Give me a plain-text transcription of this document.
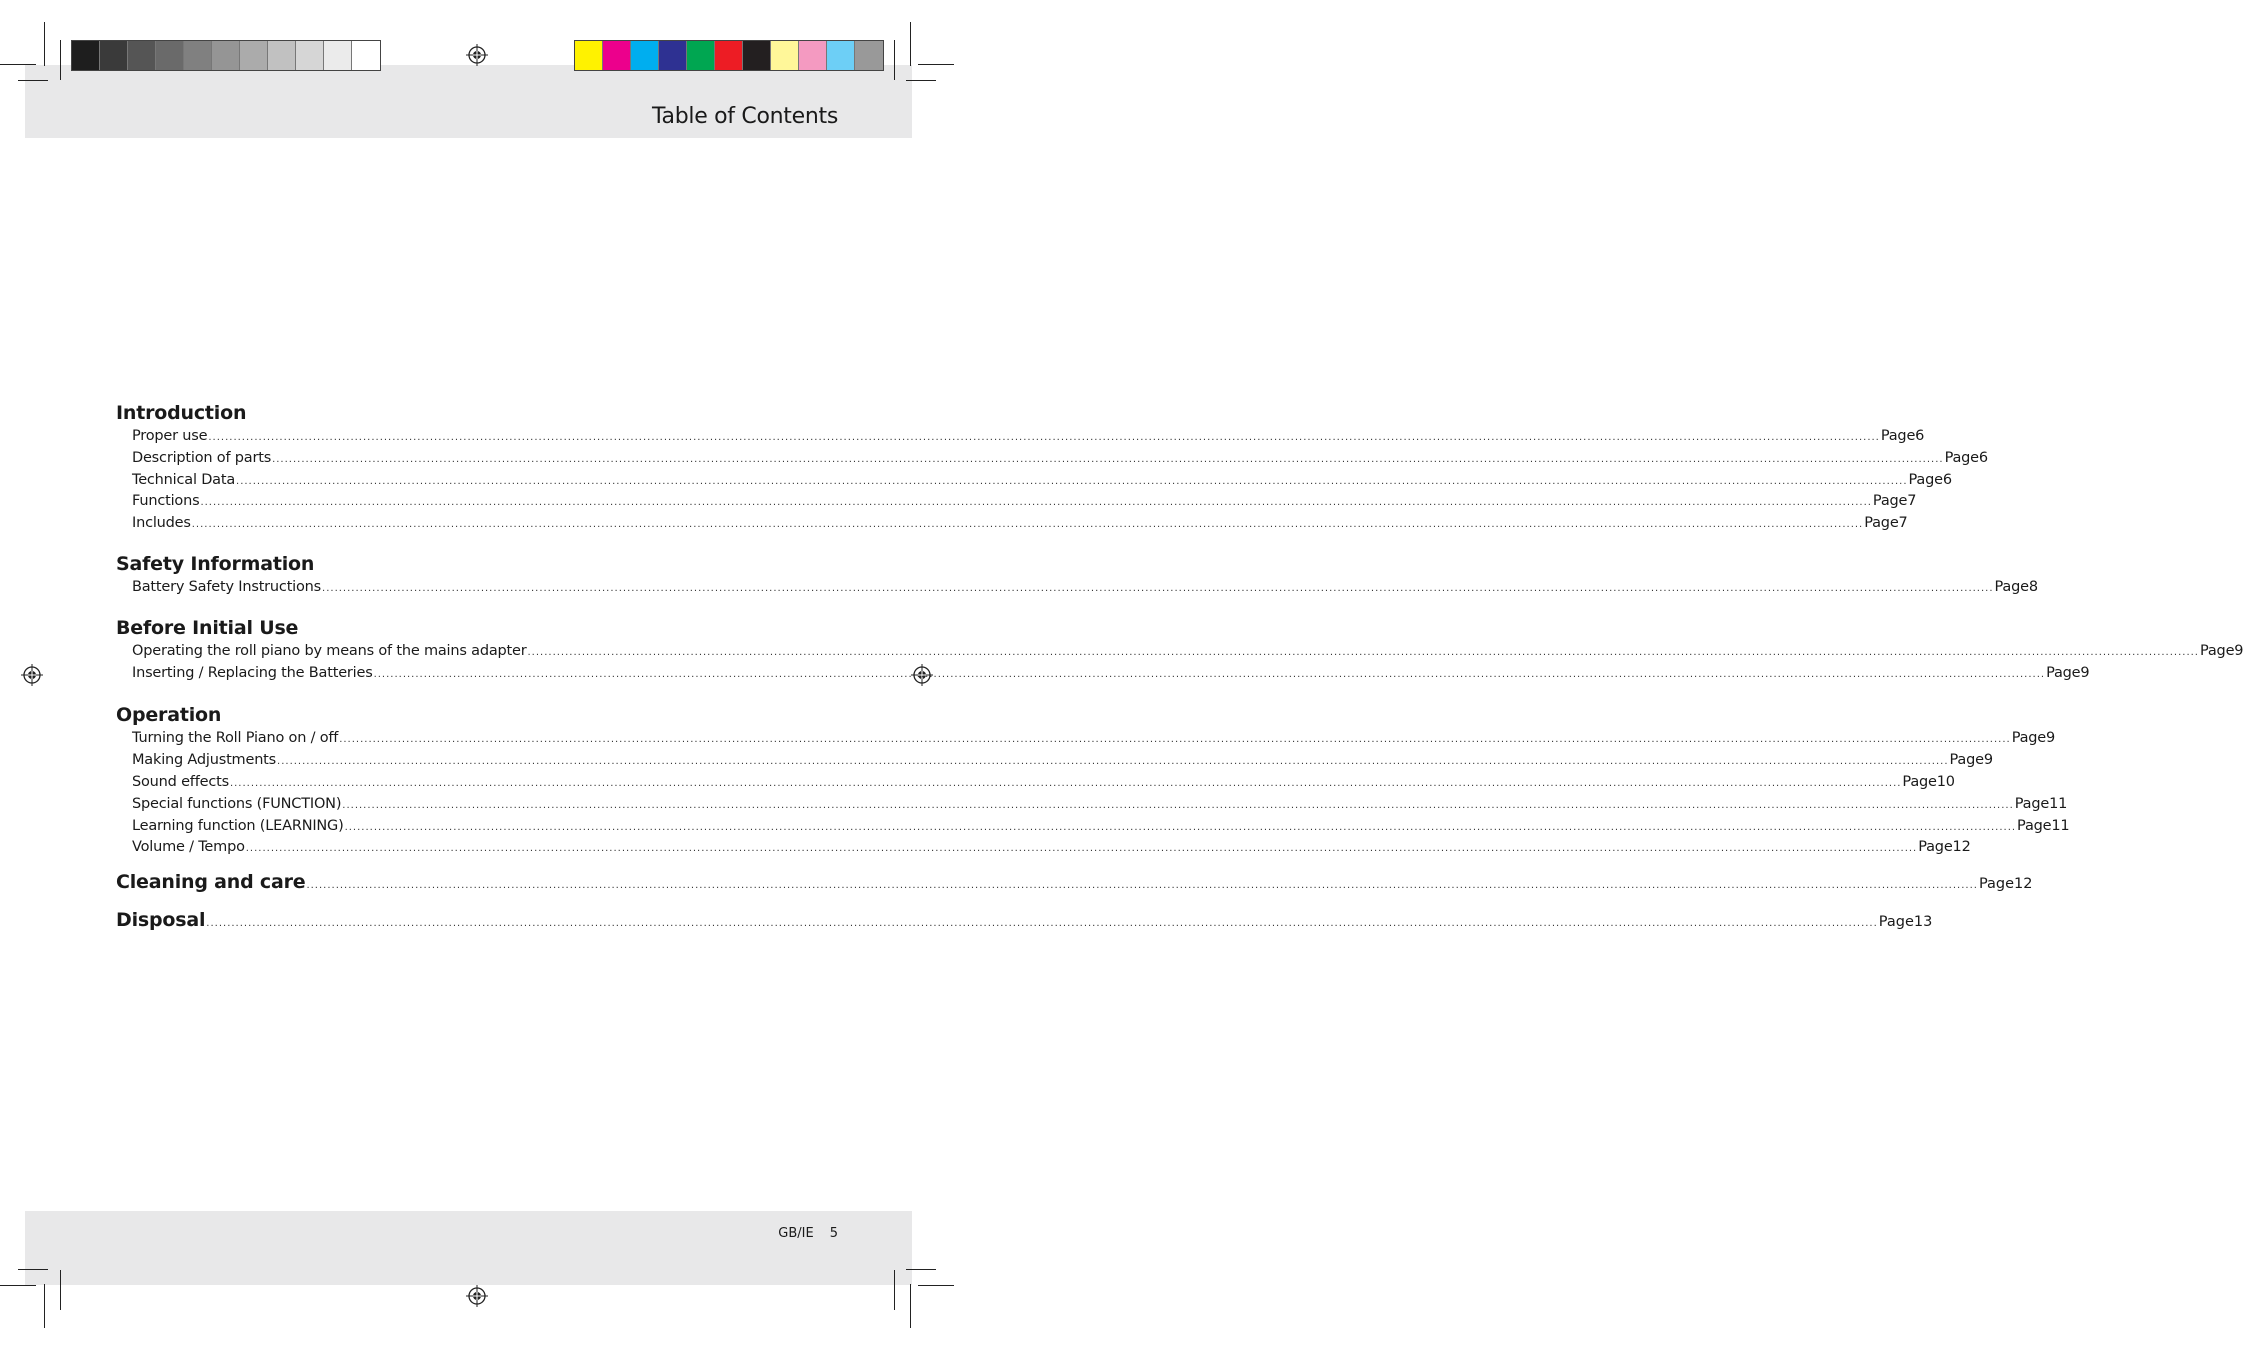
Table of Contents
Introduction
Proper use ................................................................................................................................................................................................................................................................................................................................................................................................................ Page 6
Description of parts ................................................................................................................................................................................................................................................................................................................................................................................................................ Page 6
Technical Data ................................................................................................................................................................................................................................................................................................................................................................................................................ Page 6
Functions ................................................................................................................................................................................................................................................................................................................................................................................................................ Page 7
Includes ................................................................................................................................................................................................................................................................................................................................................................................................................ Page 7
Safety Information
Battery Safety Instructions ................................................................................................................................................................................................................................................................................................................................................................................................................ Page 8
Before Initial Use
Operating the roll piano by means of the mains adapter ................................................................................................................................................................................................................................................................................................................................................................................................................ Page 9
Inserting / Replacing the Batteries ................................................................................................................................................................................................................................................................................................................................................................................................................ Page 9
Operation
Turning the Roll Piano on / off ................................................................................................................................................................................................................................................................................................................................................................................................................ Page 9
Making Adjustments ................................................................................................................................................................................................................................................................................................................................................................................................................ Page 9
Sound effects ................................................................................................................................................................................................................................................................................................................................................................................................................ Page 10
Special functions (FUNCTION) ................................................................................................................................................................................................................................................................................................................................................................................................................ Page 11
Learning function (LEARNING) ................................................................................................................................................................................................................................................................................................................................................................................................................ Page 11
Volume / Tempo ................................................................................................................................................................................................................................................................................................................................................................................................................ Page 12
Cleaning and care ................................................................................................................................................................................................................................................................................................................................................................................................................ Page 12
Disposal ................................................................................................................................................................................................................................................................................................................................................................................................................ Page 13
GB/IE 5
